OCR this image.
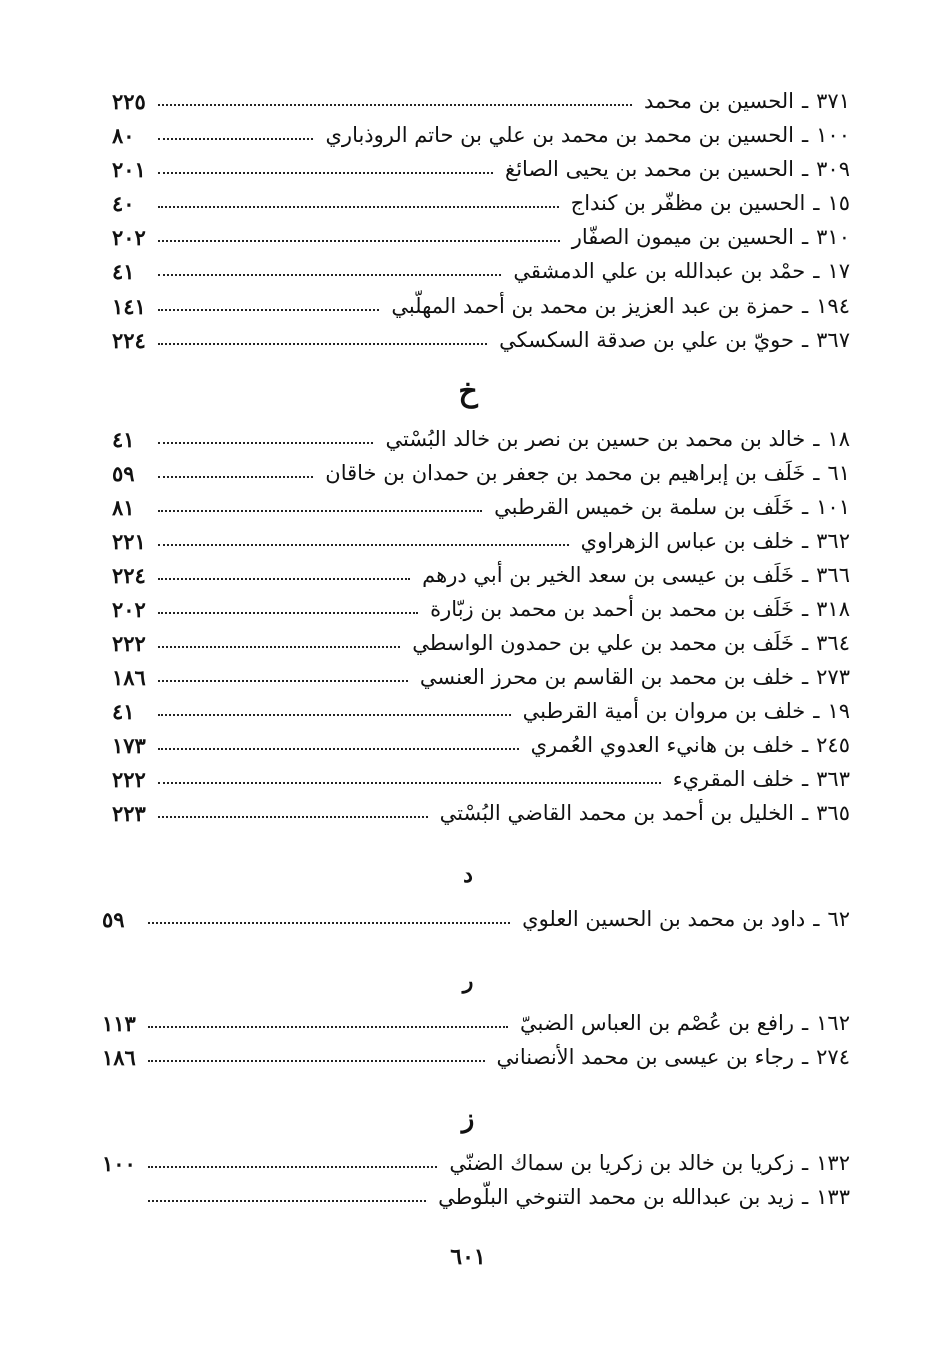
٦٠١
٣٧١
ـ
الحسين بن محمد
٢٢٥
١٠٠
ـ
الحسين بن محمد بن محمد بن علي بن حاتم الروذباري
٨٠
٣٠٩
ـ
الحسين بن محمد بن يحيى الصائغ
٢٠١
١٥
ـ
الحسين بن مظفّر بن كنداج
٤٠
٣١٠
ـ
الحسين بن ميمون الصفّار
٢٠٢
١٧
ـ
حمْد بن عبدالله بن علي الدمشقي
٤١
١٩٤
ـ
حمزة بن عبد العزيز بن محمد بن أحمد المهلّبي
١٤١
٣٦٧
ـ
حويّ بن علي بن صدقة السكسكي
٢٢٤
خ
١٨
ـ
خالد بن محمد بن حسين بن نصر بن خالد البُسْتي
٤١
٦١
ـ
خَلَف بن إبراهيم بن محمد بن جعفر بن حمدان بن خاقان
٥٩
١٠١
ـ
خَلَف بن سلمة بن خميس القرطبي
٨١
٣٦٢
ـ
خلف بن عباس الزهراوي
٢٢١
٣٦٦
ـ
خَلَف بن عيسى بن سعد الخير بن أبي درهم
٢٢٤
٣١٨
ـ
خَلَف بن محمد بن أحمد بن محمد بن زبّارة
٢٠٢
٣٦٤
ـ
خَلَف بن محمد بن علي بن حمدون الواسطي
٢٢٢
٢٧٣
ـ
خلف بن محمد بن القاسم بن محرز العنسي
١٨٦
١٩
ـ
خلف بن مروان بن أمية القرطبي
٤١
٢٤٥
ـ
خلف بن هانيء العدوي العُمري
١٧٣
٣٦٣
ـ
خلف المقريء
٢٢٢
٣٦٥
ـ
الخليل بن أحمد بن محمد القاضي البُسْتي
٢٢٣
د
٦٢
ـ
داود بن محمد بن الحسين العلوي
٥٩
ر
١٦٢
ـ
رافع بن عُصْم بن العباس الضبيّ
١١٣
٢٧٤
ـ
رجاء بن عيسى بن محمد الأنصناني
١٨٦
ز
١٣٢
ـ
زكريا بن خالد بن زكريا بن سماك الضنّي
١٠٠
١٣٣
ـ
زيد بن عبدالله بن محمد التنوخي البلّوطي
